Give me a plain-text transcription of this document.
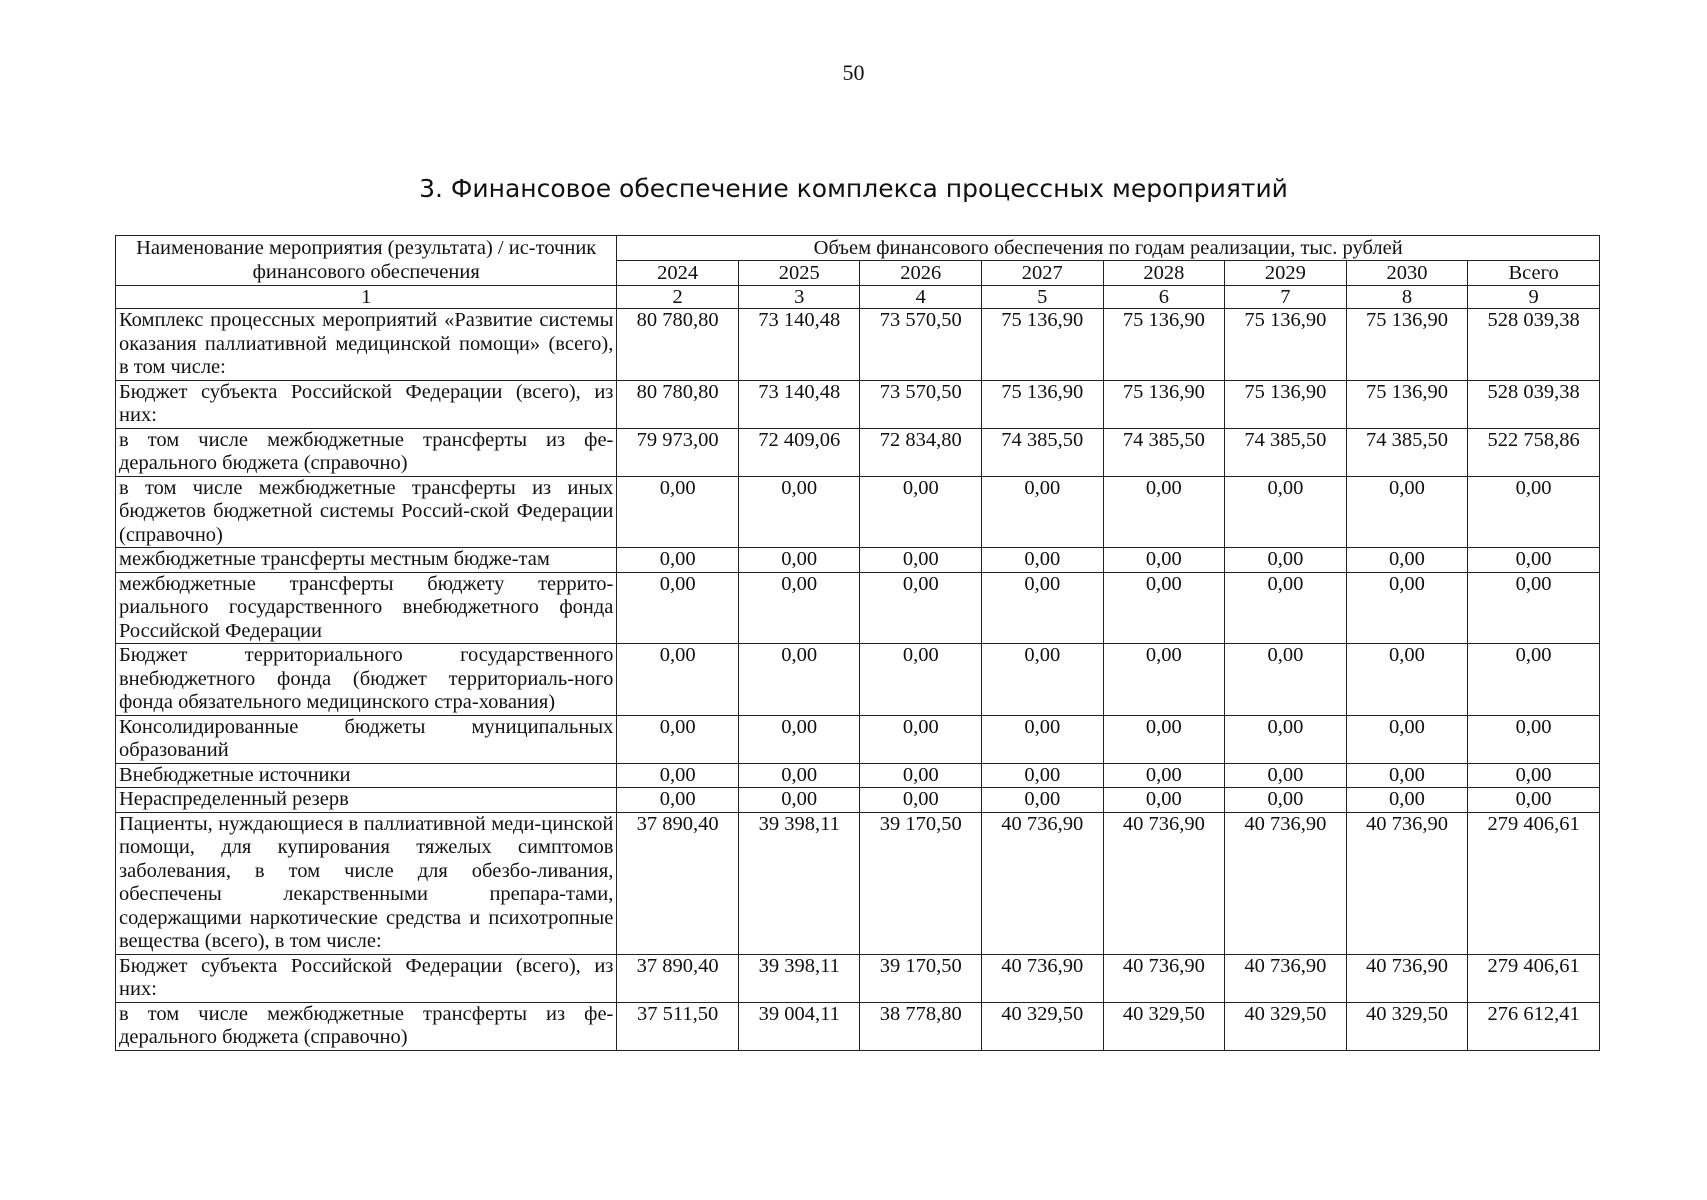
50
3. Финансовое обеспечение комплекса процессных мероприятий
Наименование мероприятия (результата) / ис-точник финансового обеспечения	Объем финансового обеспечения по годам реализации, тыс. рублей							
	2024	2025	2026	2027	2028	2029	2030	Всего
1	2	3	4	5	6	7	8	9
Комплекс процессных мероприятий «Развитие системы оказания паллиативной медицинской помощи» (всего), в том числе:	80 780,80	73 140,48	73 570,50	75 136,90	75 136,90	75 136,90	75 136,90	528 039,38
Бюджет субъекта Российской Федерации (всего), из них:	80 780,80	73 140,48	73 570,50	75 136,90	75 136,90	75 136,90	75 136,90	528 039,38
в том числе межбюджетные трансферты из фе-дерального бюджета (справочно)	79 973,00	72 409,06	72 834,80	74 385,50	74 385,50	74 385,50	74 385,50	522 758,86
в том числе межбюджетные трансферты из иных бюджетов бюджетной системы Россий-ской Федерации (справочно)	0,00	0,00	0,00	0,00	0,00	0,00	0,00	0,00
межбюджетные трансферты местным бюдже-там	0,00	0,00	0,00	0,00	0,00	0,00	0,00	0,00
межбюджетные трансферты бюджету террито-риального государственного внебюджетного фонда Российской Федерации	0,00	0,00	0,00	0,00	0,00	0,00	0,00	0,00
Бюджет территориального государственного внебюджетного фонда (бюджет территориаль-ного фонда обязательного медицинского стра-хования)	0,00	0,00	0,00	0,00	0,00	0,00	0,00	0,00
Консолидированные бюджеты муниципальных образований	0,00	0,00	0,00	0,00	0,00	0,00	0,00	0,00
Внебюджетные источники	0,00	0,00	0,00	0,00	0,00	0,00	0,00	0,00
Нераспределенный резерв	0,00	0,00	0,00	0,00	0,00	0,00	0,00	0,00
Пациенты, нуждающиеся в паллиативной меди-цинской помощи, для купирования тяжелых симптомов заболевания, в том числе для обезбо-ливания, обеспечены лекарственными препара-тами, содержащими наркотические средства и психотропные вещества (всего), в том числе:	37 890,40	39 398,11	39 170,50	40 736,90	40 736,90	40 736,90	40 736,90	279 406,61
Бюджет субъекта Российской Федерации (всего), из них:	37 890,40	39 398,11	39 170,50	40 736,90	40 736,90	40 736,90	40 736,90	279 406,61
в том числе межбюджетные трансферты из фе-дерального бюджета (справочно)	37 511,50	39 004,11	38 778,80	40 329,50	40 329,50	40 329,50	40 329,50	276 612,41
